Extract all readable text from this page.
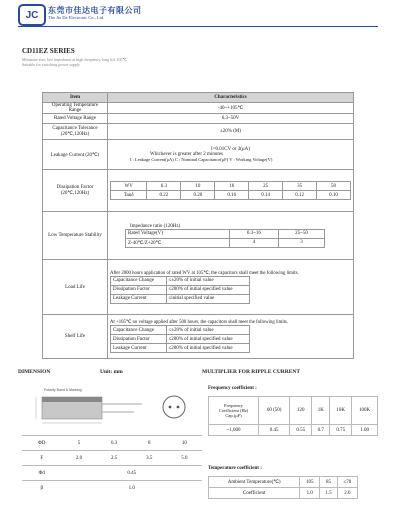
JC	东莞市佳达电子有限公司
The Jia Da Electronic Co., Ltd.
CD11EZ SERIES
Miniature size, low impedance at high frequency, long life 105℃
Suitable for switching power supply
Item	Characteristics
Operating Temperature Range	-40~+105℃
Rated Voltage Range	6.3~50V
Capacitance Tolerance (20℃,120Hz)	±20% (M)
Leakage Current (20℃)	
I=0.01CV or 3(μA)
Whichever is greater after 2 minutes
I : Leakage Current(μA) C : Nominal Capacitance(μF) V : Working Voltage(V)

Dissipation Factor (20℃,120Hz)	
WV	6.3	10	16	25	35	50
Tanδ	0.22	0.20	0.16	0.14	0.12	0.10

Low Temperature Stability	
Impedance ratio (120Hz)
Rated Voltage(V)	6.3~16	25~50
Z-40℃/Z+20℃	4	3

Load Life	
After 2000 hours application of rated WV at 105℃, the capacitors shall meet the following limits.
Capacitance Change	≤±20% of initial value
Dissipation Factor	≤200% of initial specified value
Leakage Current	≤initial specified value

Shelf Life	
At +105℃ no voltage applied after 500 hours, the capacitors shall meet the following limits.
Capacitance Change	≤±20% of initial value
Dissipation Factor	≤200% of initial specified value
Leakage Current	≤200% of initial specified value
DIMENSION	Unit: mm
Polarity Band & Marking
ΦD	5	6.3	8	10
F	2.0	2.5	3.5	5.0
Φd	0.45			
β	1.0			
MULTIPLIER FOR RIPPLE CURRENT
Frequency coefficient :
Frequency
Coefficient (Hz)
Cap.(μF)	60 (50)	120	1K	10K	100K
~1,000	0.45	0.55	0.7	0.75	1.00
Temperature coefficient :
Ambient Temperature(℃)	105	85	≤70
Coefficient	1.0	1.5	2.0
